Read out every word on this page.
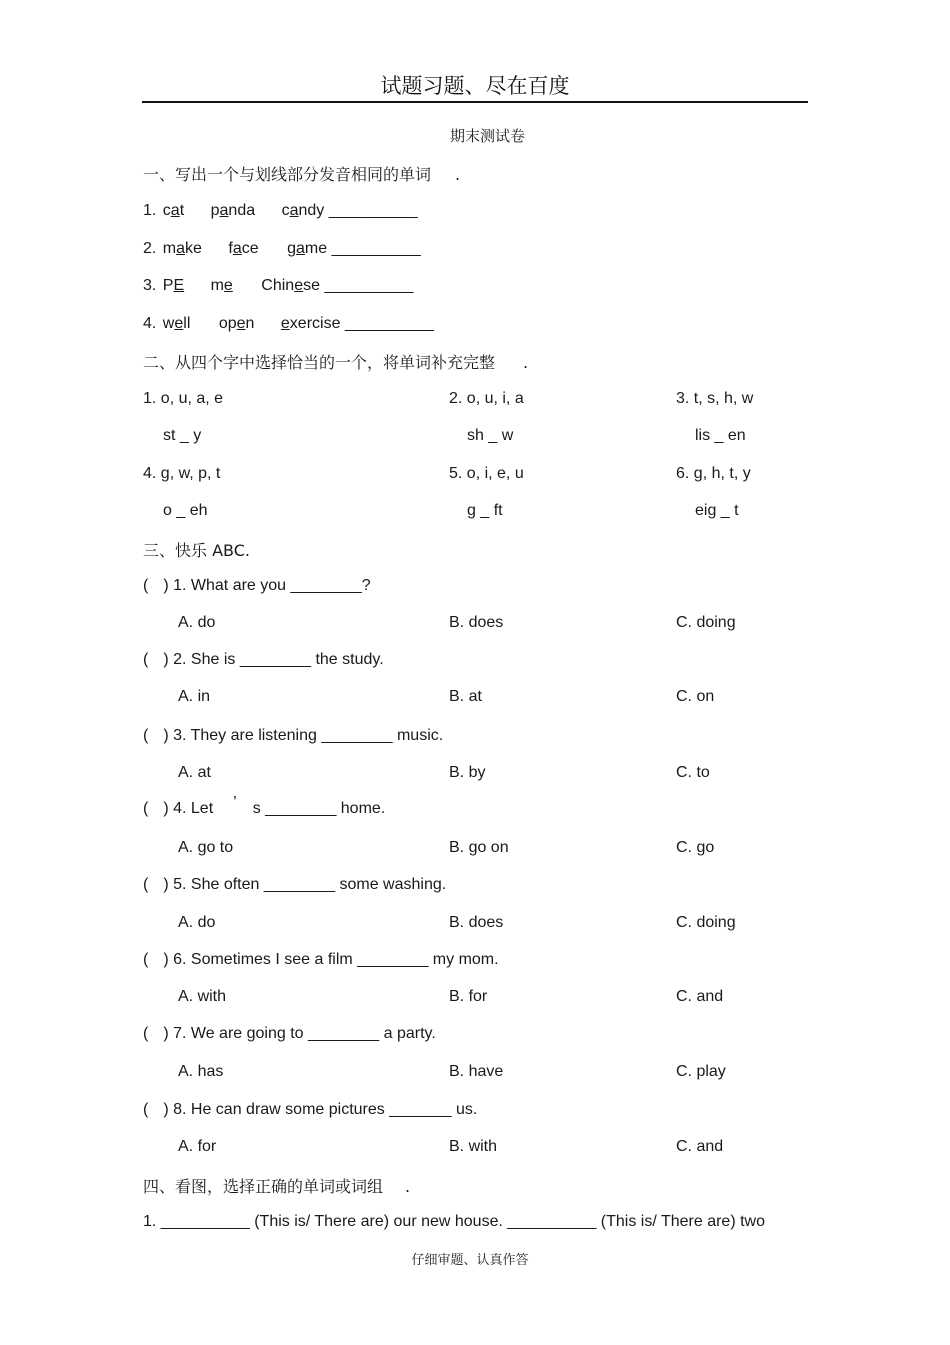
试题习题、尽在百度
期末测试卷
一、写出一个与划线部分发音相同的单词 .
1. cat panda candy __________
2. make face game __________
3. PE me Chinese __________
4. well open exercise __________
二、从四个字中选择恰当的一个，将单词补充完整 .
1. o, u, a, e	2. o, u, i, a	3. t, s, h, w
st _ y	sh _ w	lis _ en
4. g, w, p, t	5. o, i, e, u	6. g, h, t, y
o _ eh	g _ ft	eig _ t
三、快乐 ABC.
( ) 1. What are you ________?
A. do	B. does	C. doing
( ) 2. She is ________ the study.
A. in	B. at	C. on
( ) 3. They are listening ________ music.
A. at	B. by	C. to
( ) 4. Let ’ s ________ home.
A. go to	B. go on	C. go
( ) 5. She often ________ some washing.
A. do	B. does	C. doing
( ) 6. Sometimes I see a film ________ my mom.
A. with	B. for	C. and
( ) 7. We are going to ________ a party.
A. has	B. have	C. play
( ) 8. He can draw some pictures _______ us.
A. for	B. with	C. and
四、看图，选择正确的单词或词组 .
1. __________ (This is/ There are) our new house. __________ (This is/ There are) two
仔细审题、认真作答
